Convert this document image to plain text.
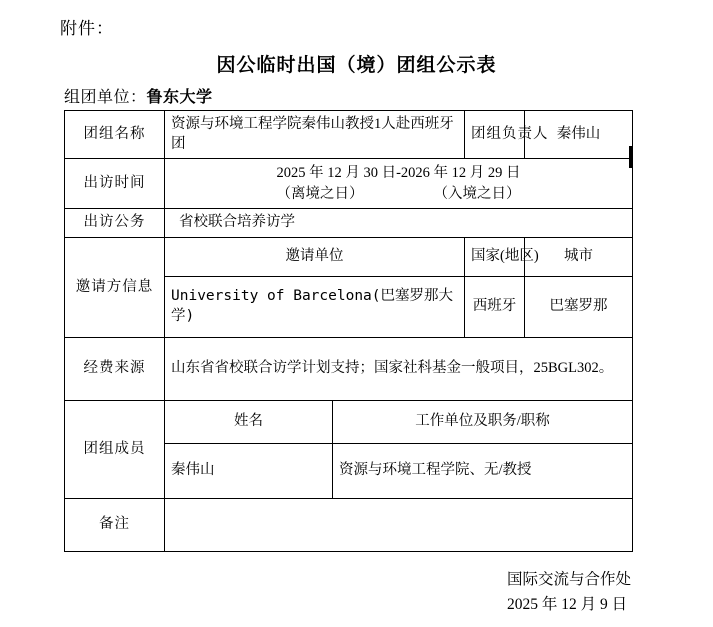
附件：
因公临时出国（境）团组公示表
组团单位：鲁东大学
团组名称	资源与环境工程学院秦伟山教授1人赴西班牙团		团组负责人	秦伟山
出访时间	2025 年 12 月 30 日-2026 年 12 月 29 日
（离境之日） （入境之日）			

出访公务	省校联合培养访学			
邀请方信息	邀请单位		国家(地区)	城市
	University of Barcelona(巴塞罗那大学)		西班牙	巴塞罗那
经费来源	山东省省校联合访学计划支持；国家社科基金一般项目，25BGL302。			
团组成员	姓名	工作单位及职务/职称		
	秦伟山	资源与环境工程学院、无/教授		
备注				
国际交流与合作处
2025 年 12 月 9 日
